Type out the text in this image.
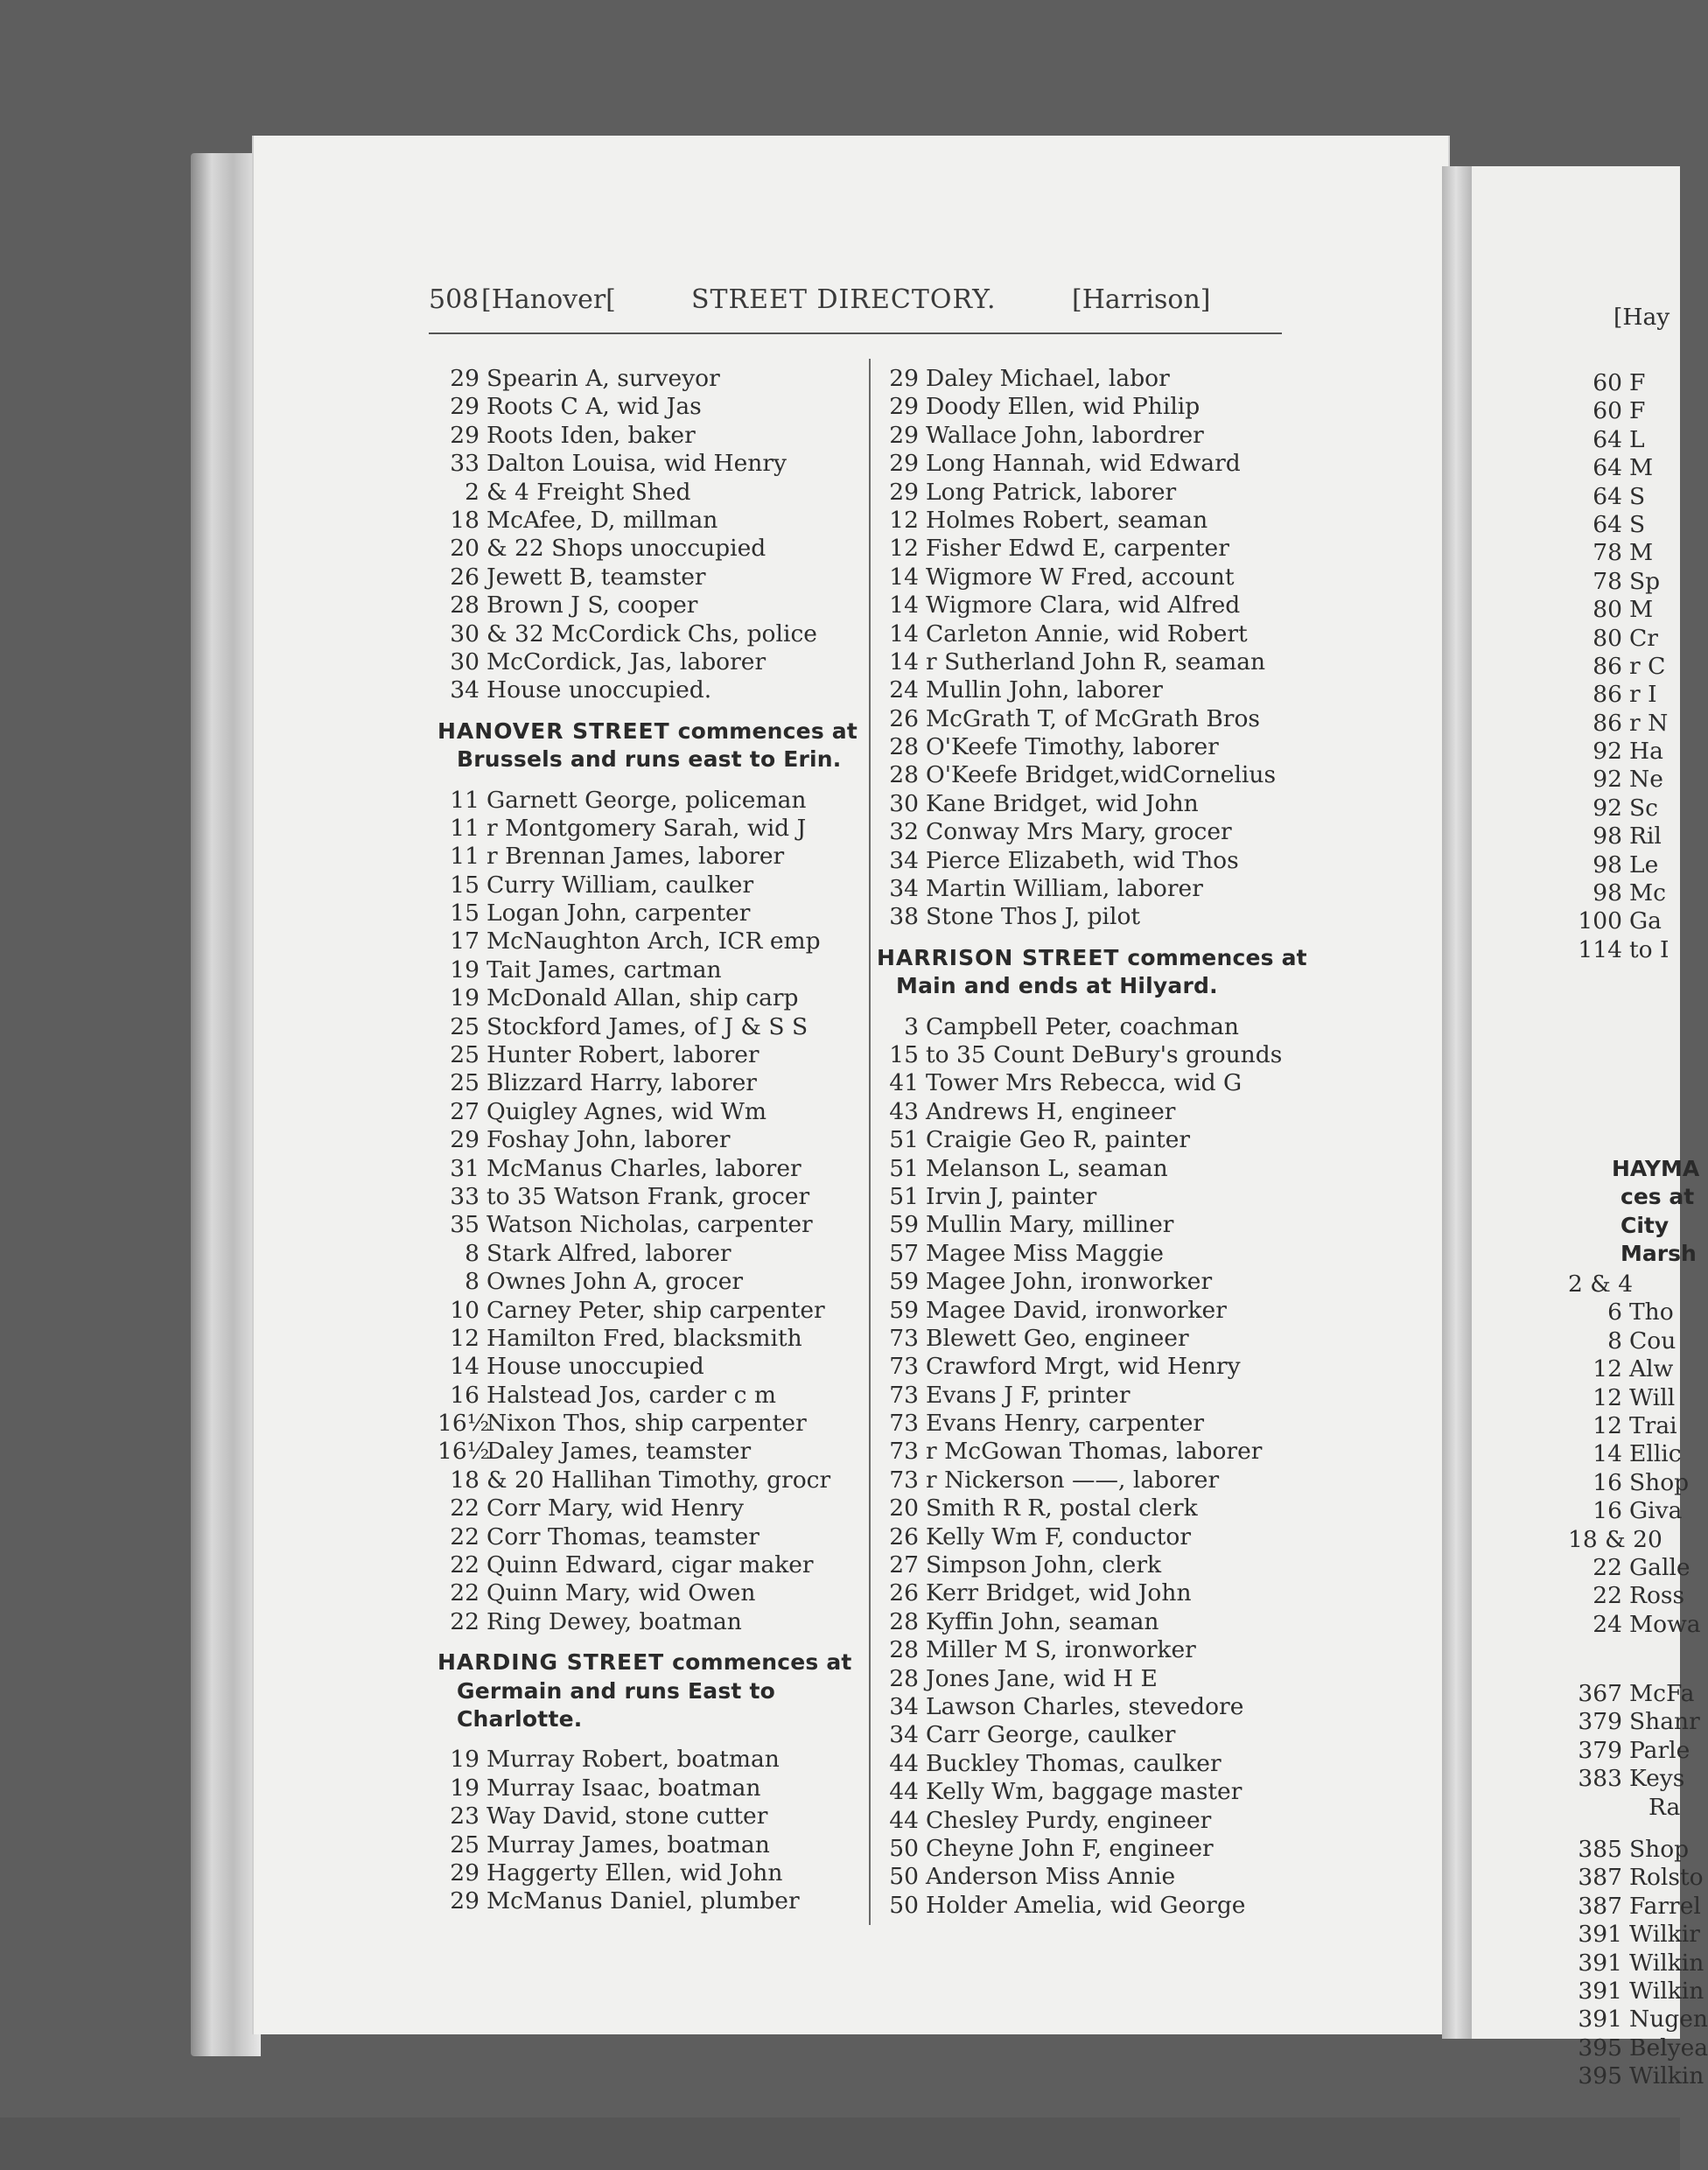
508 [Hanover[	STREET DIRECTORY.	[Harrison]
29 Spearin A, surveyor
29 Roots C A, wid Jas
29 Roots Iden, baker
33 Dalton Louisa, wid Henry
2 & 4 Freight Shed
18 McAfee, D, millman
20 & 22 Shops unoccupied
26 Jewett B, teamster
28 Brown J S, cooper
30 & 32 McCordick Chs, police
30 McCordick, Jas, laborer
34 House unoccupied.
HANOVER STREET commences at Brussels and runs east to Erin.
11 Garnett George, policeman
11 r Montgomery Sarah, wid J
11 r Brennan James, laborer
15 Curry William, caulker
15 Logan John, carpenter
17 McNaughton Arch, ICR emp
19 Tait James, cartman
19 McDonald Allan, ship carp
25 Stockford James, of J & S S
25 Hunter Robert, laborer
25 Blizzard Harry, laborer
27 Quigley Agnes, wid Wm
29 Foshay John, laborer
31 McManus Charles, laborer
33 to 35 Watson Frank, grocer
35 Watson Nicholas, carpenter
8 Stark Alfred, laborer
8 Ownes John A, grocer
10 Carney Peter, ship carpenter
12 Hamilton Fred, blacksmith
14 House unoccupied
16 Halstead Jos, carder c m
16½Nixon Thos, ship carpenter
16½Daley James, teamster
18 & 20 Hallihan Timothy, grocr
22 Corr Mary, wid Henry
22 Corr Thomas, teamster
22 Quinn Edward, cigar maker
22 Quinn Mary, wid Owen
22 Ring Dewey, boatman
HARDING STREET commences at Germain and runs East to Charlotte.
19 Murray Robert, boatman
19 Murray Isaac, boatman
23 Way David, stone cutter
25 Murray James, boatman
29 Haggerty Ellen, wid John
29 McManus Daniel, plumber
29 Daley Michael, labor
29 Doody Ellen, wid Philip
29 Wallace John, labordrer
29 Long Hannah, wid Edward
29 Long Patrick, laborer
12 Holmes Robert, seaman
12 Fisher Edwd E, carpenter
14 Wigmore W Fred, account
14 Wigmore Clara, wid Alfred
14 Carleton Annie, wid Robert
14 r Sutherland John R, seaman
24 Mullin John, laborer
26 McGrath T, of McGrath Bros
28 O'Keefe Timothy, laborer
28 O'Keefe Bridget,widCornelius
30 Kane Bridget, wid John
32 Conway Mrs Mary, grocer
34 Pierce Elizabeth, wid Thos
34 Martin William, laborer
38 Stone Thos J, pilot
HARRISON STREET commences at Main and ends at Hilyard.
3 Campbell Peter, coachman
15 to 35 Count DeBury's grounds
41 Tower Mrs Rebecca, wid G
43 Andrews H, engineer
51 Craigie Geo R, painter
51 Melanson L, seaman
51 Irvin J, painter
59 Mullin Mary, milliner
57 Magee Miss Maggie
59 Magee John, ironworker
59 Magee David, ironworker
73 Blewett Geo, engineer
73 Crawford Mrgt, wid Henry
73 Evans J F, printer
73 Evans Henry, carpenter
73 r McGowan Thomas, laborer
73 r Nickerson ——, laborer
20 Smith R R, postal clerk
26 Kelly Wm F, conductor
27 Simpson John, clerk
26 Kerr Bridget, wid John
28 Kyffin John, seaman
28 Miller M S, ironworker
28 Jones Jane, wid H E
34 Lawson Charles, stevedore
34 Carr George, caulker
44 Buckley Thomas, caulker
44 Kelly Wm, baggage master
44 Chesley Purdy, engineer
50 Cheyne John F, engineer
50 Anderson Miss Annie
50 Holder Amelia, wid George
[Hay
60 F
60 F
64 L
64 M
64 S
64 S
78 M
78 Sp
80 M
80 Cr
86 r C
86 r I
86 r N
92 Ha
92 Ne
92 Sc
98 Ril
98 Le
98 Mc
100 Ga
114 to I
HAYMA
ces at
City
Marsh
2 & 4
6 Tho
8 Cou
12 Alw
12 Will
12 Trai
14 Ellic
16 Shop
16 Giva
18 & 20
22 Galle
22 Ross
24 Mowa
367 McFa
379 Shanr
379 Parle
383 Keys
Ra
385 Shop
387 Rolsto
387 Farrel
391 Wilkir
391 Wilkin
391 Wilkin
391 Nugen
395 Belyea
395 Wilkin
